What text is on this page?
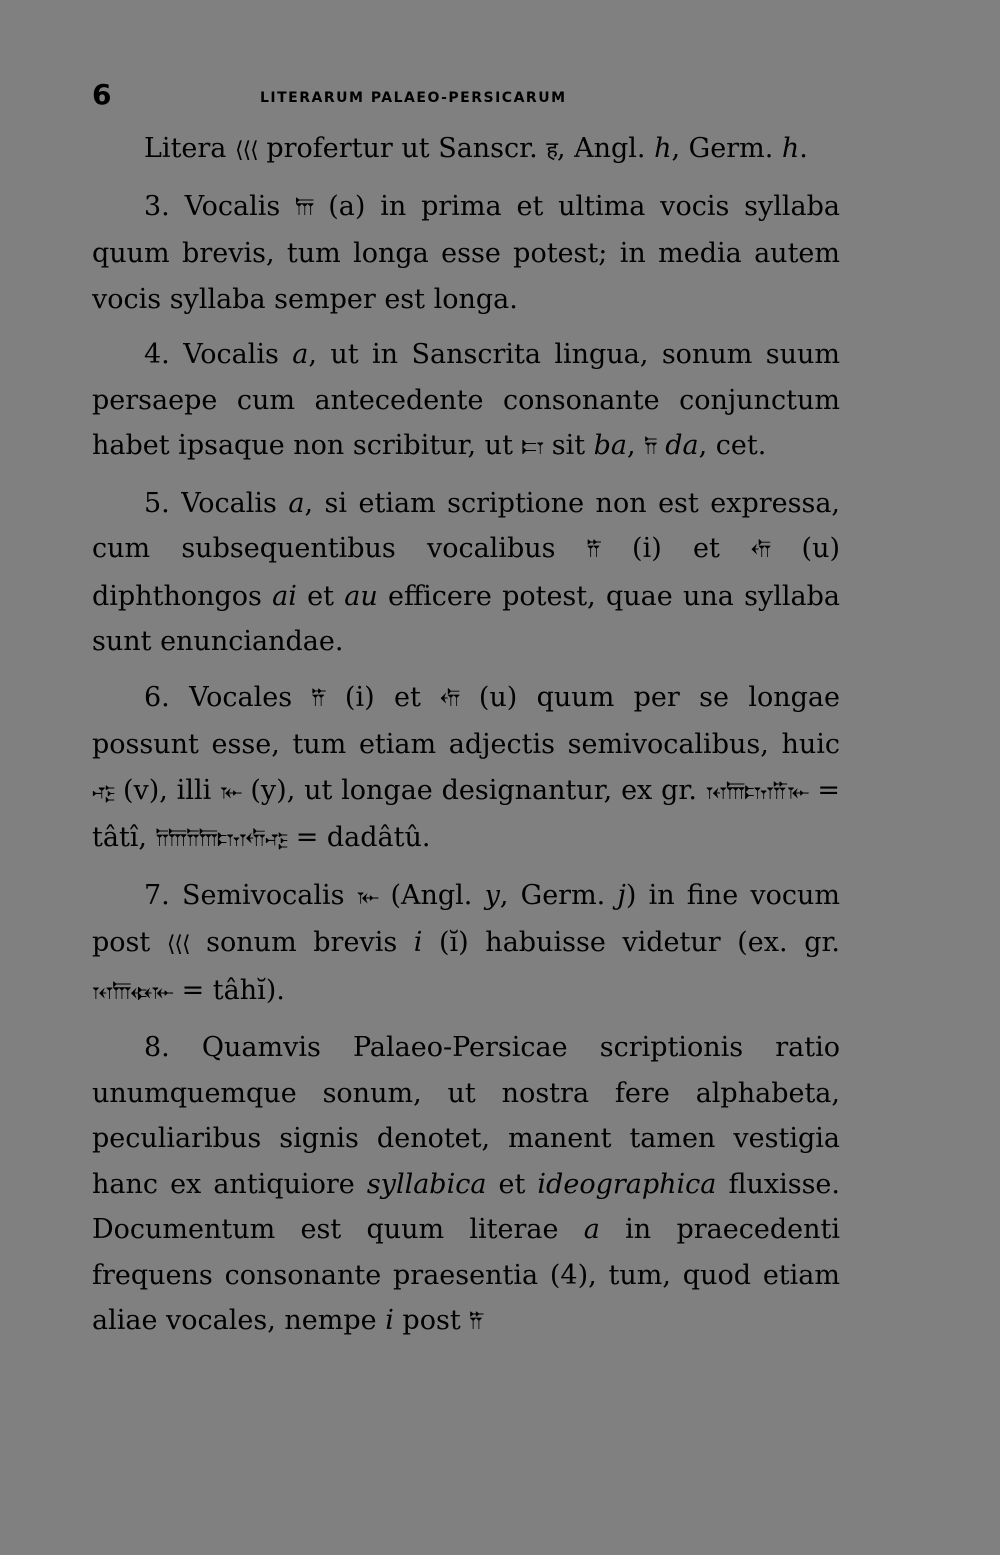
6	LITERARUM PALAEO-PERSICARUM

Litera ⟨⟨⟨ profertur ut Sanscr. ह, Angl. h, Germ. h.

3. Vocalis 𐎠 (a) in prima et ultima vocis syllaba quum brevis, tum longa esse potest; in media autem vocis syllaba semper est longa.

4. Vocalis a, ut in Sanscrita lingua, sonum suum persaepe cum antecedente consonante conjunctum habet ipsaque non scribitur, ut 𐎲 sit ba, 𐎭 da, cet.

5. Vocalis a, si etiam scriptione non est expressa, cum subsequentibus vocalibus 𐎡 (i) et 𐎢 (u) diphthongos ai et au efficere potest, quae una syllaba sunt enunciandae.

6. Vocales 𐎡 (i) et 𐎢 (u) quum per se longae possunt esse, tum etiam adjectis semivocalibus, huic 𐎺 (v), illi 𐎹 (y), ut longae designantur, ex gr. 𐎰𐎠𐎫𐎡𐎹 = tâtî, 𐎭𐎠𐎭𐎠𐎫𐎢𐎺 = dadâtû.

7. Semivocalis 𐎹 (Angl. y, Germ. j) in fine vocum post ⟨⟨⟨ sonum brevis i (ĭ) habuisse videtur (ex. gr. 𐎰𐎠𐏃𐎹 = tâhĭ).

8. Quamvis Palaeo-Persicae scriptionis ratio unumquemque sonum, ut nostra fere alphabeta, peculiaribus signis denotet, manent tamen vestigia hanc ex antiquiore syllabica et ideographica fluxisse. Documentum est quum literae a in praecedenti frequens consonante praesentia (4), tum, quod etiam aliae vocales, nempe i post 𐎡
